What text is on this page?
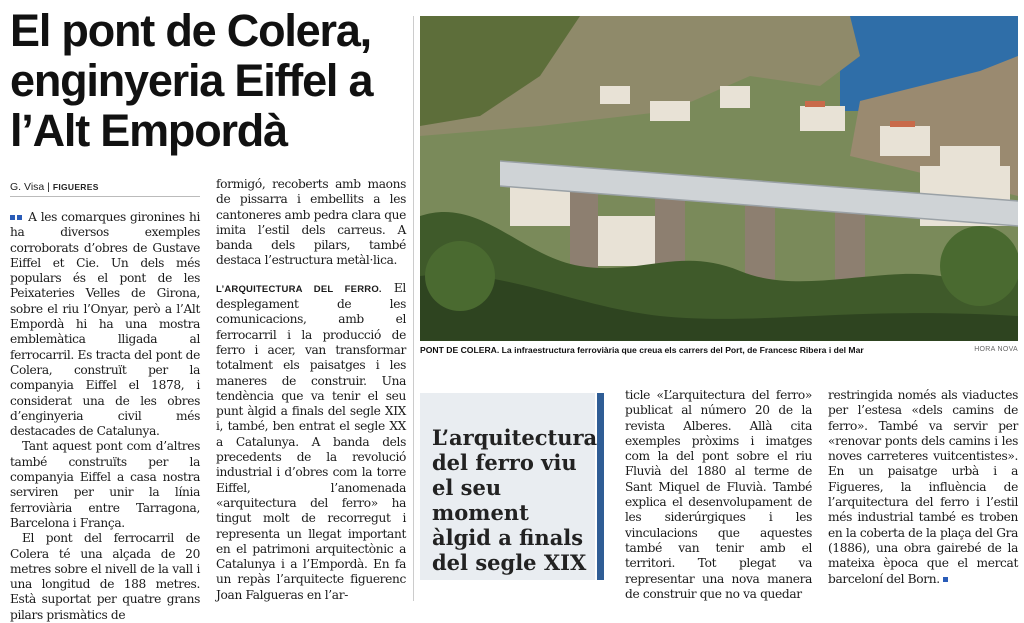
El pont de Colera, enginyeria Eiffel a l’Alt Empordà
G. Visa | FIGUERES

A les comarques gironines hi ha diversos exemples corroborats d’obres de Gustave Eiffel et Cie. Un dels més populars és el pont de les Peixateries Velles de Girona, sobre el riu l’Onyar, però a l’Alt Empordà hi ha una mostra emblemàtica lligada al ferrocarril. Es tracta del pont de Colera, construït per la companyia Eiffel el 1878, i considerat una de les obres d’enginyeria civil més destacades de Catalunya.

Tant aquest pont com d’altres també construïts per la companyia Eiffel a casa nostra serviren per unir la línia ferroviària entre Tarragona, Barcelona i França.

El pont del ferrocarril de Colera té una alçada de 20 metres sobre el nivell de la vall i una longitud de 188 metres. Està suportat per quatre grans pilars prismàtics de

formigó, recoberts amb maons de pissarra i embellits a les cantoneres amb pedra clara que imita l’estil dels carreus. A banda dels pilars, també destaca l’estructura metàl·lica.

L’ARQUITECTURA DEL FERRO. El desplegament de les comunicacions, amb el ferrocarril i la producció de ferro i acer, van transformar totalment els paisatges i les maneres de construir. Una tendència que va tenir el seu punt àlgid a finals del segle XIX i, també, ben entrat el segle XX a Catalunya. A banda dels precedents de la revolució industrial i d’obres com la torre Eiffel, l’anomenada «arquitectura del ferro» ha tingut molt de recorregut i representa un llegat important en el patrimoni arquitectònic a Catalunya i a l’Empordà. En fa un repàs l’arquitecte figuerenc Joan Falgueras en l’ar-

PONT DE COLERA. La infraestructura ferroviària que creua els carrers del Port, de Francesc Ribera i del Mar	HORA NOVA
L’arquitectura del ferro viu el seu moment àlgid a finals del segle XIX

ticle «L’arquitectura del ferro» publicat al número 20 de la revista Alberes. Allà cita exemples pròxims i imatges com la del pont sobre el riu Fluvià del 1880 al terme de Sant Miquel de Fluvià. També explica el desenvolupament de les siderúrgiques i les vinculacions que aquestes també van tenir amb el territori. Tot plegat va representar una nova manera de construir que no va quedar

restringida només als viaductes per l’estesa «dels camins de ferro». També va servir per «renovar ponts dels camins i les noves carreteres vuitcentistes». En un paisatge urbà i a Figueres, la influència de l’arquitectura del ferro i l’estil més industrial també es troben en la coberta de la plaça del Gra (1886), una obra gairebé de la mateixa època que el mercat barceloní del Born.
